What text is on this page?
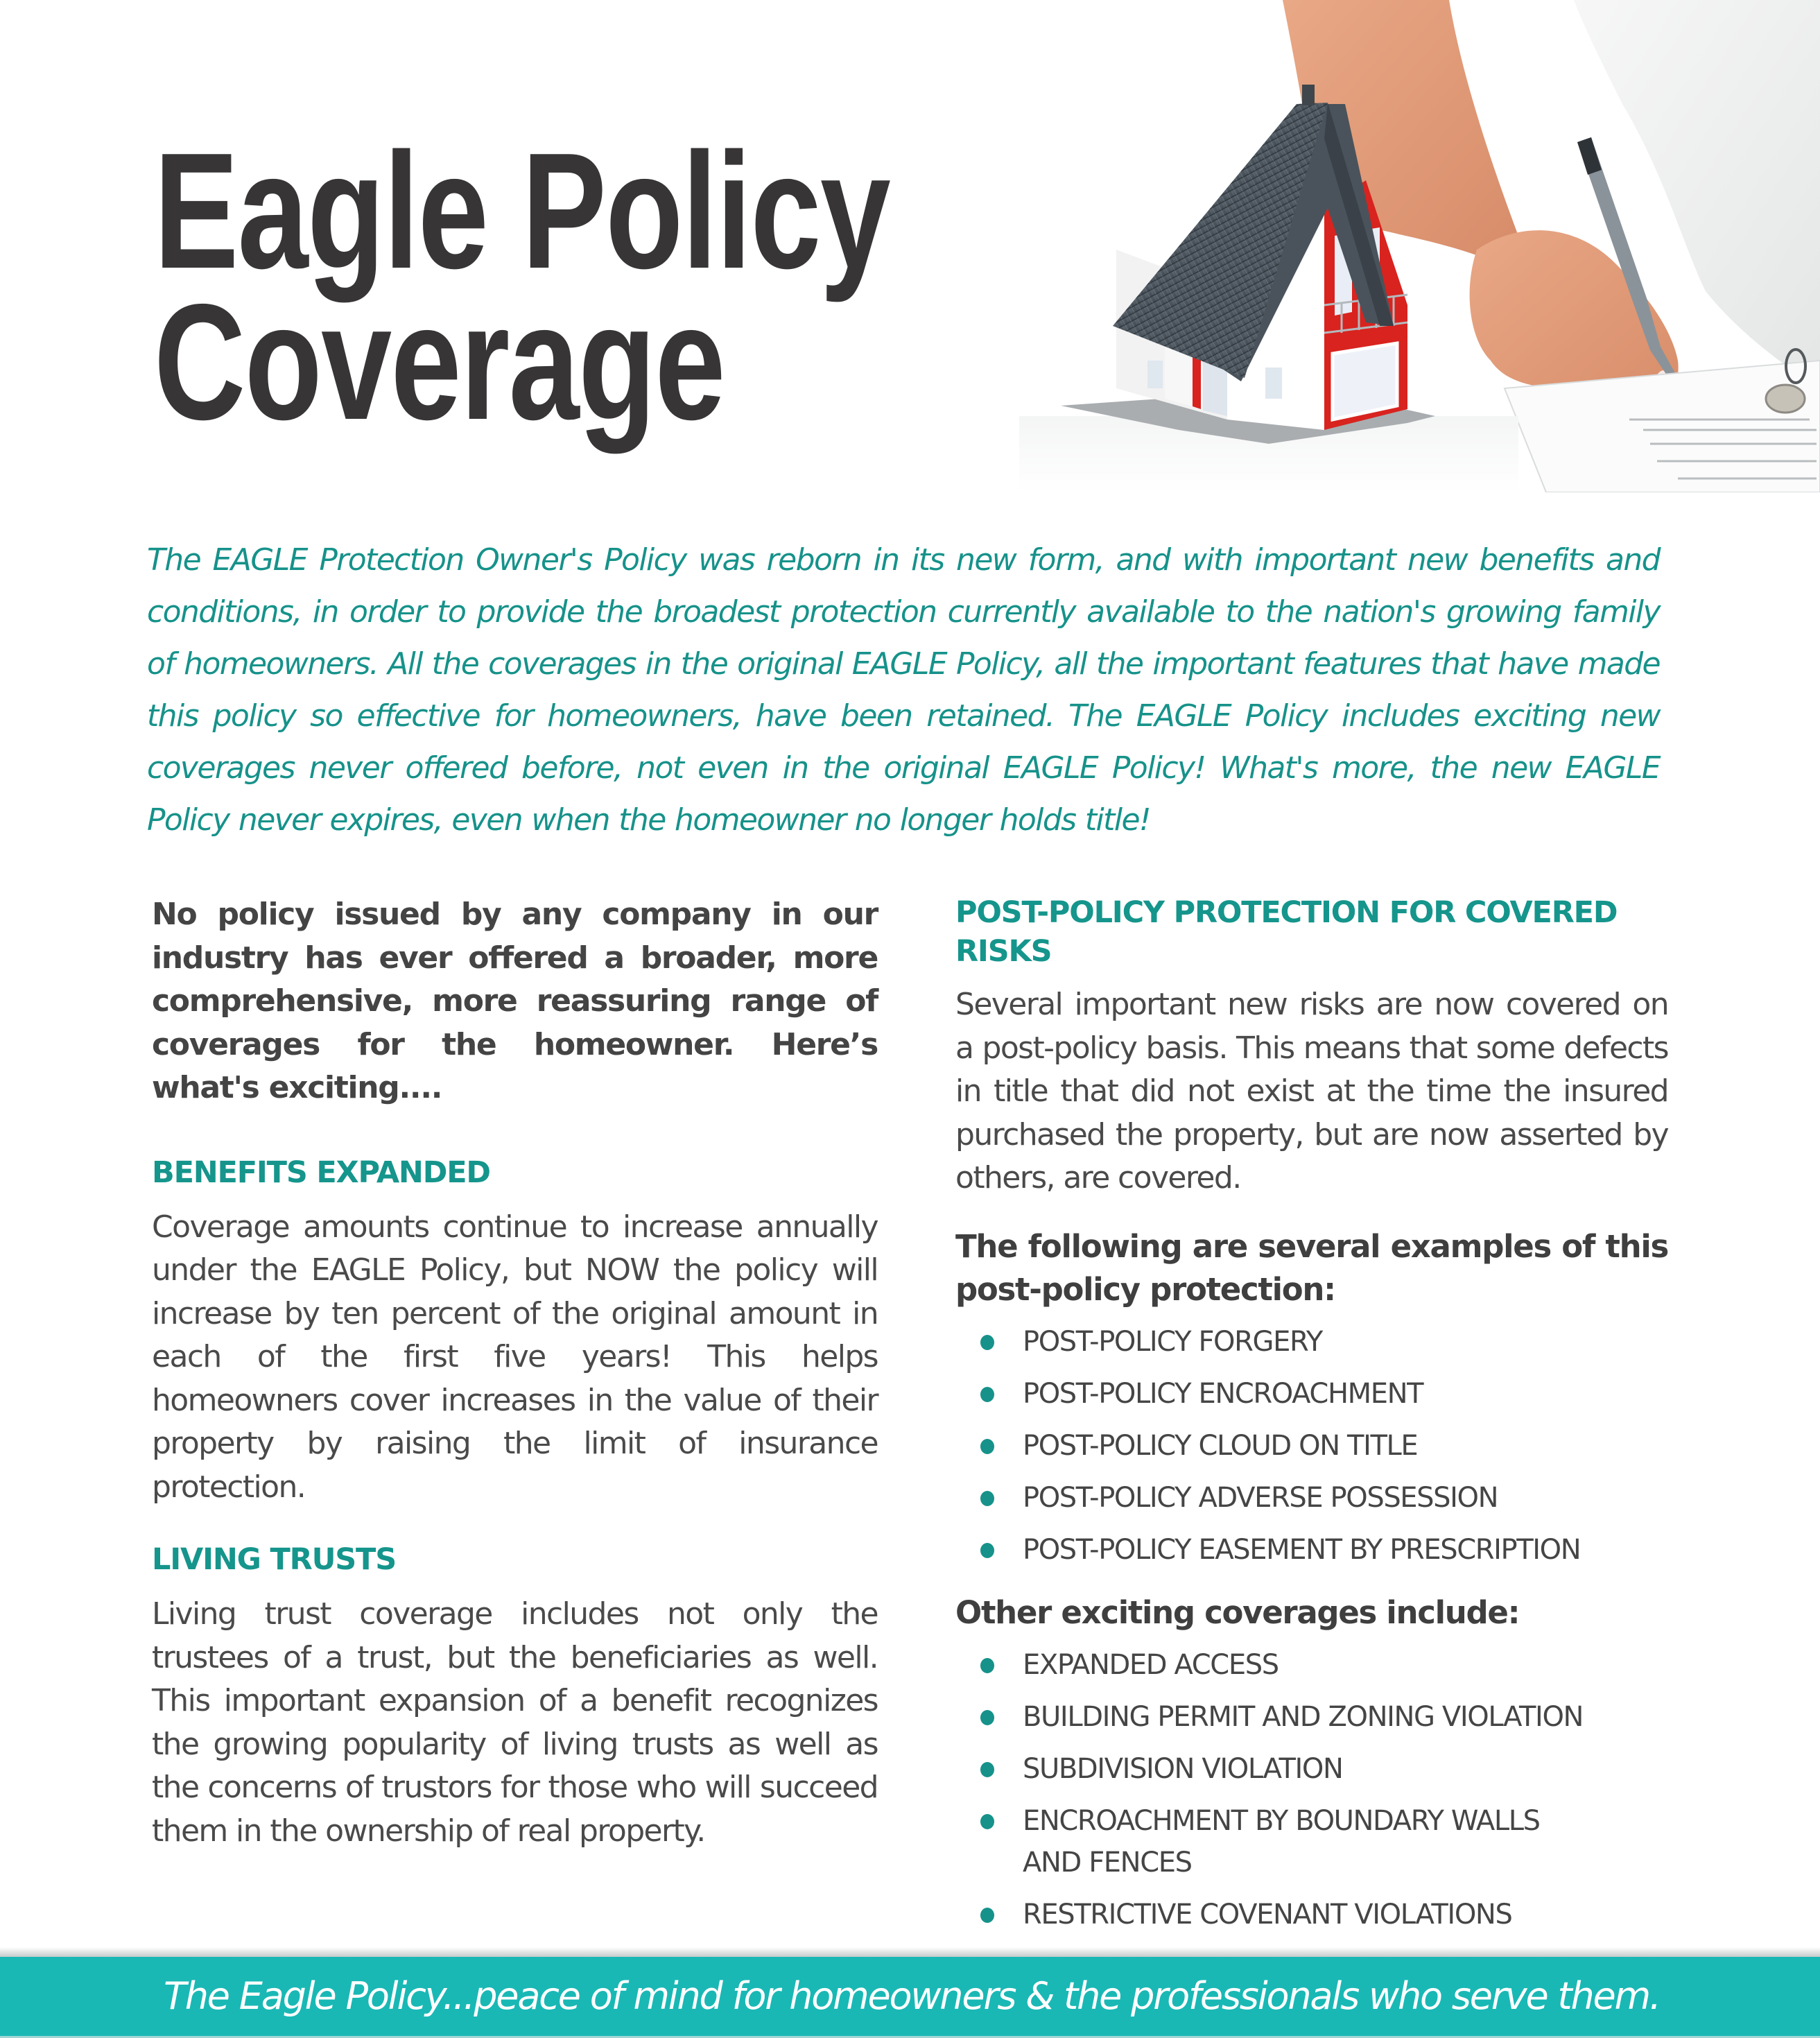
Eagle Policy
Coverage

The EAGLE Protection Owner's Policy was reborn in its new form, and with important new benefits and conditions, in order to provide the broadest protection currently available to the nation's growing family of homeowners. All the coverages in the original EAGLE Policy, all the important features that have made this policy so effective for homeowners, have been retained. The EAGLE Policy includes exciting new coverages never offered before, not even in the original EAGLE Policy! What's more, the new EAGLE Policy never expires, even when the homeowner no longer holds title!

No policy issued by any company in our industry has ever offered a broader, more comprehensive, more reassuring range of coverages for the homeowner. Here’s what's exciting....

BENEFITS EXPANDED

Coverage amounts continue to increase annually under the EAGLE Policy, but NOW the policy will increase by ten percent of the original amount in each of the first five years! This helps homeowners cover increases in the value of their property by raising the limit of insurance protection.

LIVING TRUSTS

Living trust coverage includes not only the trustees of a trust, but the beneficiaries as well. This important expansion of a benefit recognizes the growing popularity of living trusts as well as the concerns of trustors for those who will succeed them in the ownership of real property.

POST-POLICY PROTECTION FOR COVERED RISKS

Several important new risks are now covered on a post-policy basis. This means that some defects in title that did not exist at the time the insured purchased the property, but are now asserted by others, are covered.

The following are several examples of this post-policy protection:

POST-POLICY FORGERY
POST-POLICY ENCROACHMENT
POST-POLICY CLOUD ON TITLE
POST-POLICY ADVERSE POSSESSION
POST-POLICY EASEMENT BY PRESCRIPTION

Other exciting coverages include:

EXPANDED ACCESS
BUILDING PERMIT AND ZONING VIOLATION
SUBDIVISION VIOLATION
ENCROACHMENT BY BOUNDARY WALLS AND FENCES
RESTRICTIVE COVENANT VIOLATIONS

The Eagle Policy...peace of mind for homeowners & the professionals who serve them.
